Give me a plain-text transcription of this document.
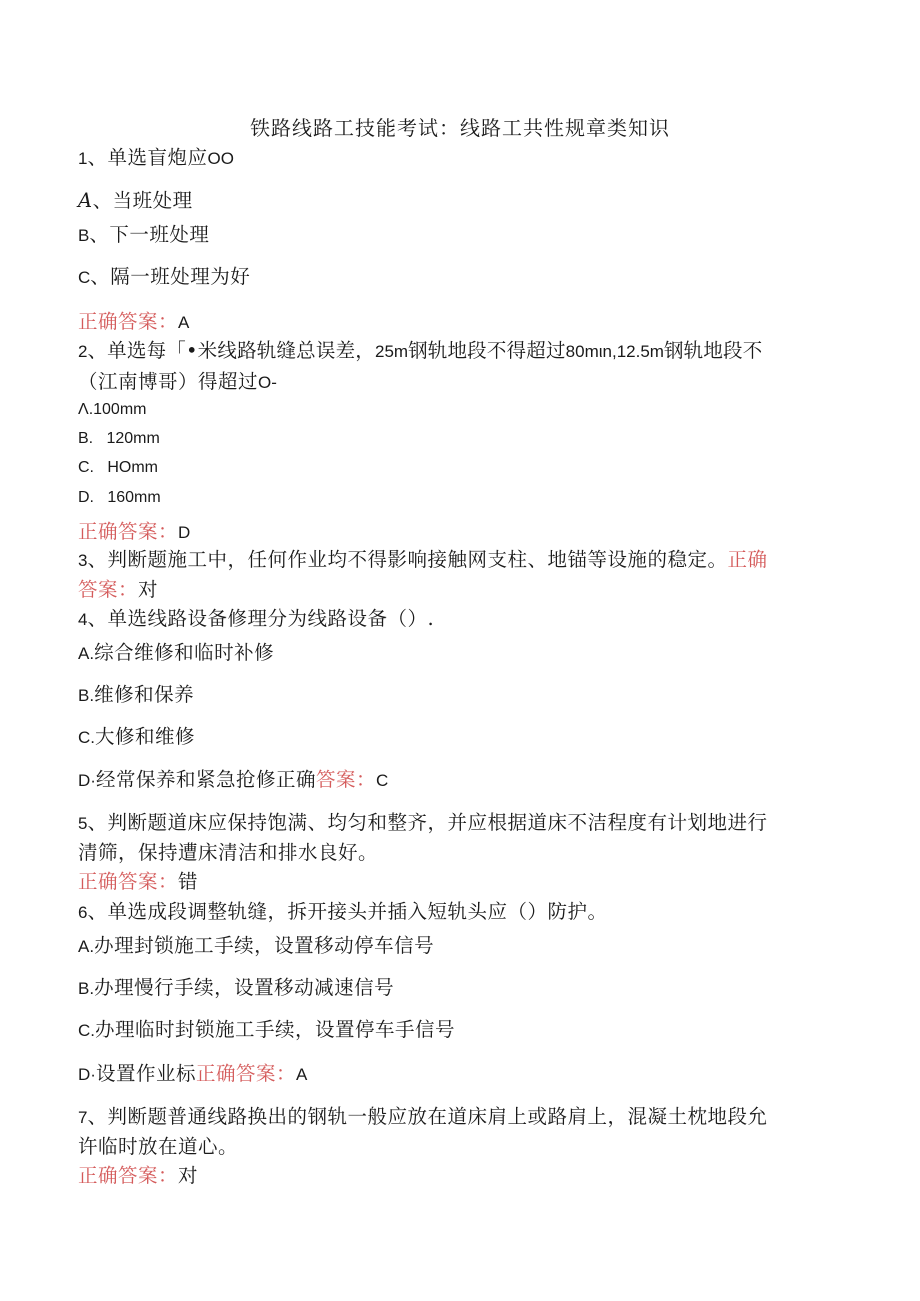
铁路线路工技能考试：线路工共性规章类知识
1、单选盲炮应OO
A、当班处理
B、下一班处理
C、隔一班处理为好
正确答案：A
2、单选每「•米线路轨缝总误差，25m钢轨地段不得超过80mιn,12.5m钢轨地段不
（江南博哥）得超过O-
Λ.100mm
B.   120mm
C.   HOmm
D.   160mm
正确答案：D
3、判断题施工中，任何作业均不得影响接触网支柱、地锚等设施的稳定。正确
答案：对
4、单选线路设备修理分为线路设备（）.
A.综合维修和临时补修
B.维修和保养
C.大修和维修
D·经常保养和紧急抢修正确答案：C
5、判断题道床应保持饱满、均匀和整齐，并应根据道床不洁程度有计划地进行
清筛，保持遭床清洁和排水良好。
正确答案：错
6、单选成段调整轨缝，拆开接头并插入短轨头应（）防护。
A.办理封锁施工手续，设置移动停车信号
B.办理慢行手续，设置移动减速信号
C.办理临时封锁施工手续，设置停车手信号
D·设置作业标正确答案：A
7、判断题普通线路换出的钢轨一般应放在道床肩上或路肩上，混凝土枕地段允
许临时放在道心。
正确答案：对
